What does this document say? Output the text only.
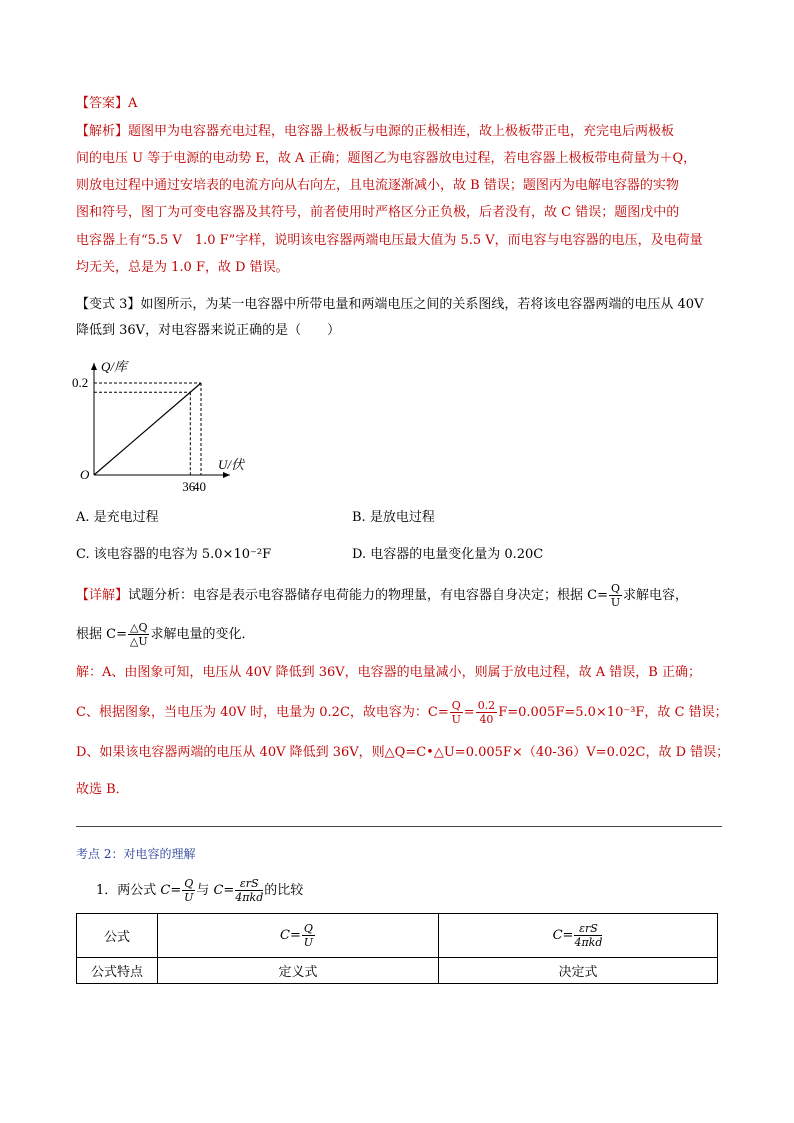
【答案】A
【解析】题图甲为电容器充电过程，电容器上极板与电源的正极相连，故上极板带正电，充完电后两极板
间的电压 U 等于电源的电动势 E，故 A 正确；题图乙为电容器放电过程，若电容器上极板带电荷量为＋Q，
则放电过程中通过安培表的电流方向从右向左，且电流逐渐减小，故 B 错误；题图丙为电解电容器的实物
图和符号，图丁为可变电容器及其符号，前者使用时严格区分正负极，后者没有，故 C 错误；题图戊中的
电容器上有“5.5 V　1.0 F”字样，说明该电容器两端电压最大值为 5.5 V，而电容与电容器的电压，及电荷量
均无关，总是为 1.0 F，故 D 错误。
【变式 3】如图所示，为某一电容器中所带电量和两端电压之间的关系图线，若将该电容器两端的电压从 40V
降低到 36V，对电容器来说正确的是（　　）
Q/库
U/伏
O
0.2
36
40
A. 是充电过程	B. 是放电过程
C. 该电容器的电容为 5.0×10⁻²F	D. 电容器的电量变化量为 0.20C
【详解】试题分析：电容是表示电容器储存电荷能力的物理量，有电容器自身决定；根据 $C= \frac{Q}{U}$ 求解电容，
根据 $C= \frac{\triangle Q}{\triangle U}$ 求解电量的变化．
解：A、由图象可知，电压从 40V 降低到 36V，电容器的电量减小，则属于放电过程，故 A 错误，B 正确；
C、根据图象，当电压为 40V 时，电量为 0.2C，故电容为：$C= \frac{Q}{U} = \frac{0.2}{40} F=0.005F=5.0\times 10^{-3}F$，故 C 错误；
D、如果该电容器两端的电压从 40V 降低到 36V，则△Q=C•△U=0.005F×（40-36）V=0.02C，故 D 错误；
故选 B．
考点 2：对电容的理解
1．两公式 $C= \frac{Q}{U}$ 与 $C= \frac{\text{εrS}}{\text{4πkd}}$ 的比较
公式	$C= \frac{Q}{U}$	$C= \frac{\text{εrS}}{\text{4πkd}}$

公式特点	定义式	决定式
